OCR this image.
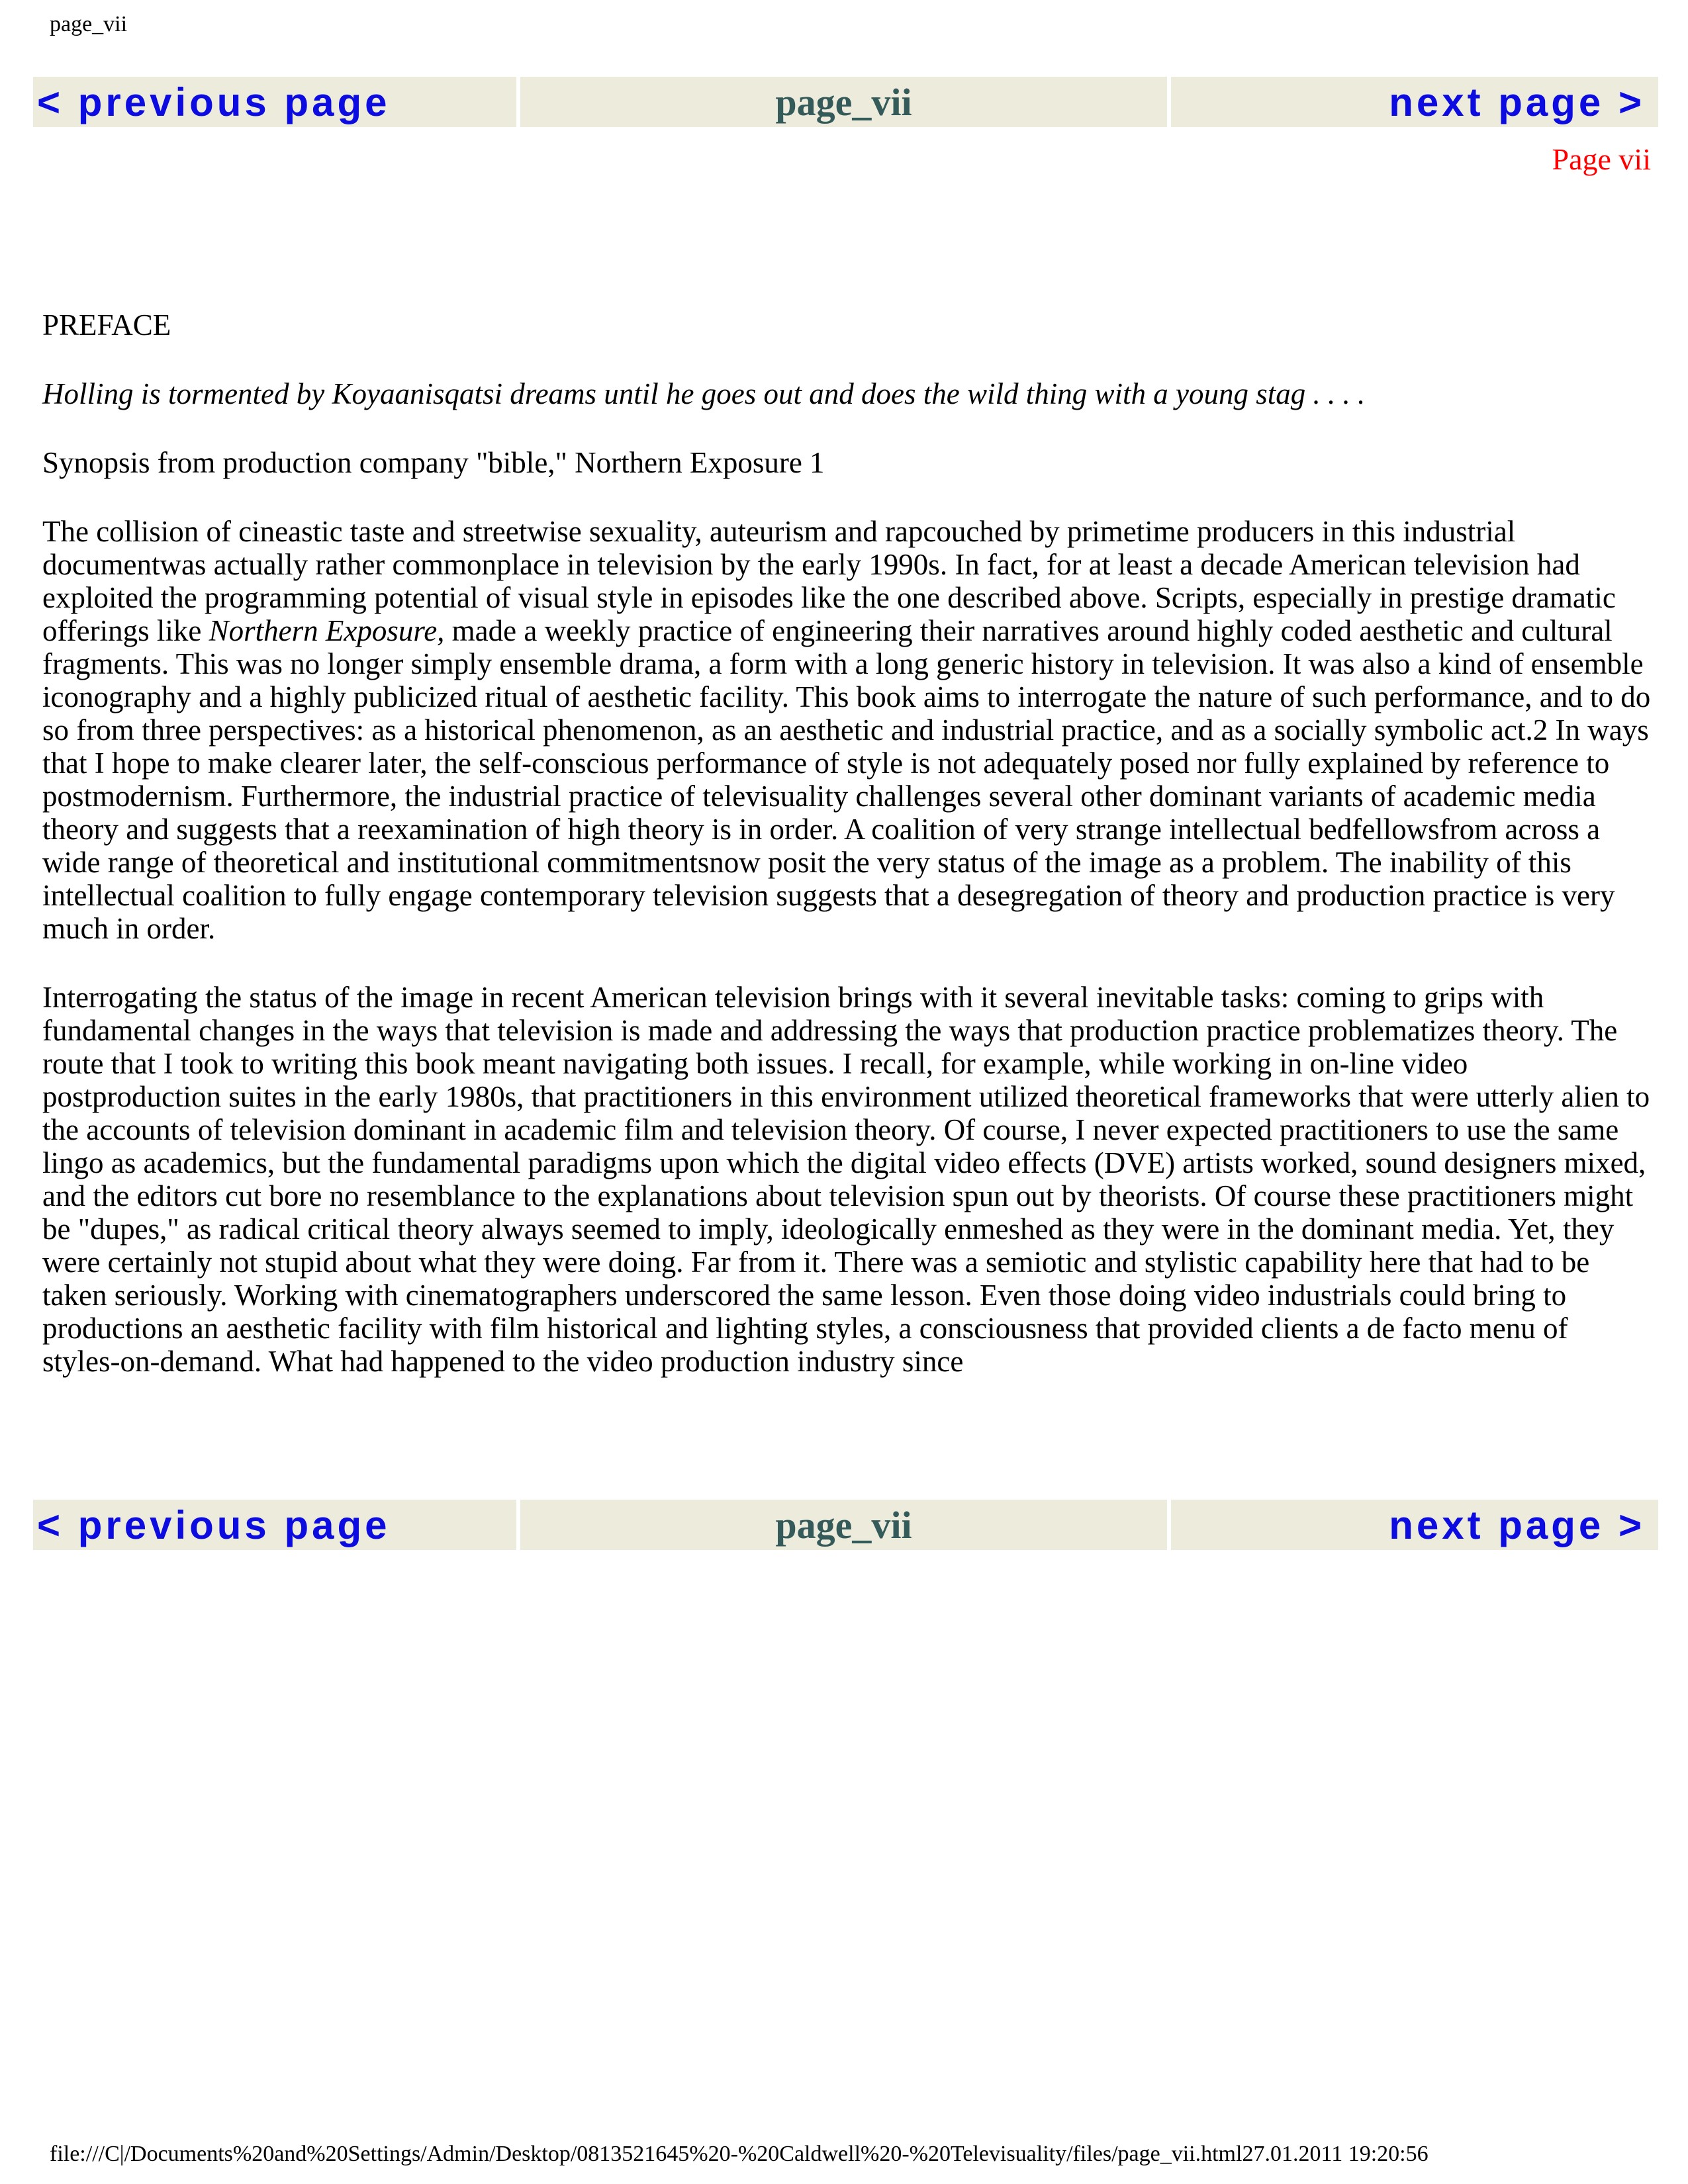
page_vii
< previous page	page_vii	next page >
Page vii

PREFACE

Holling is tormented by Koyaanisqatsi dreams until he goes out and does the wild thing with a young stag . . . .

Synopsis from production company "bible," Northern Exposure 1

The collision of cineastic taste and streetwise sexuality, auteurism and rapcouched by primetime producers in this industrial documentwas actually rather commonplace in television by the early 1990s. In fact, for at least a decade American television had exploited the programming potential of visual style in episodes like the one described above. Scripts, especially in prestige dramatic offerings like Northern Exposure, made a weekly practice of engineering their narratives around highly coded aesthetic and cultural fragments. This was no longer simply ensemble drama, a form with a long generic history in television. It was also a kind of ensemble iconography and a highly publicized ritual of aesthetic facility. This book aims to interrogate the nature of such performance, and to do so from three perspectives: as a historical phenomenon, as an aesthetic and industrial practice, and as a socially symbolic act.2 In ways that I hope to make clearer later, the self-conscious performance of style is not adequately posed nor fully explained by reference to postmodernism. Furthermore, the industrial practice of televisuality challenges several other dominant variants of academic media theory and suggests that a reexamination of high theory is in order. A coalition of very strange intellectual bedfellowsfrom across a wide range of theoretical and institutional commitmentsnow posit the very status of the image as a problem. The inability of this intellectual coalition to fully engage contemporary television suggests that a desegregation of theory and production practice is very much in order.

Interrogating the status of the image in recent American television brings with it several inevitable tasks: coming to grips with fundamental changes in the ways that television is made and addressing the ways that production practice problematizes theory. The route that I took to writing this book meant navigating both issues. I recall, for example, while working in on-line video postproduction suites in the early 1980s, that practitioners in this environment utilized theoretical frameworks that were utterly alien to the accounts of television dominant in academic film and television theory. Of course, I never expected practitioners to use the same lingo as academics, but the fundamental paradigms upon which the digital video effects (DVE) artists worked, sound designers mixed, and the editors cut bore no resemblance to the explanations about television spun out by theorists. Of course these practitioners might be "dupes," as radical critical theory always seemed to imply, ideologically enmeshed as they were in the dominant media. Yet, they were certainly not stupid about what they were doing. Far from it. There was a semiotic and stylistic capability here that had to be taken seriously. Working with cinematographers underscored the same lesson. Even those doing video industrials could bring to productions an aesthetic facility with film historical and lighting styles, a consciousness that provided clients a de facto menu of styles-on-demand. What had happened to the video production industry since

< previous page	page_vii	next page >
file:///C|/Documents%20and%20Settings/Admin/Desktop/0813521645%20-%20Caldwell%20-%20Televisuality/files/page_vii.html27.01.2011 19:20:56
